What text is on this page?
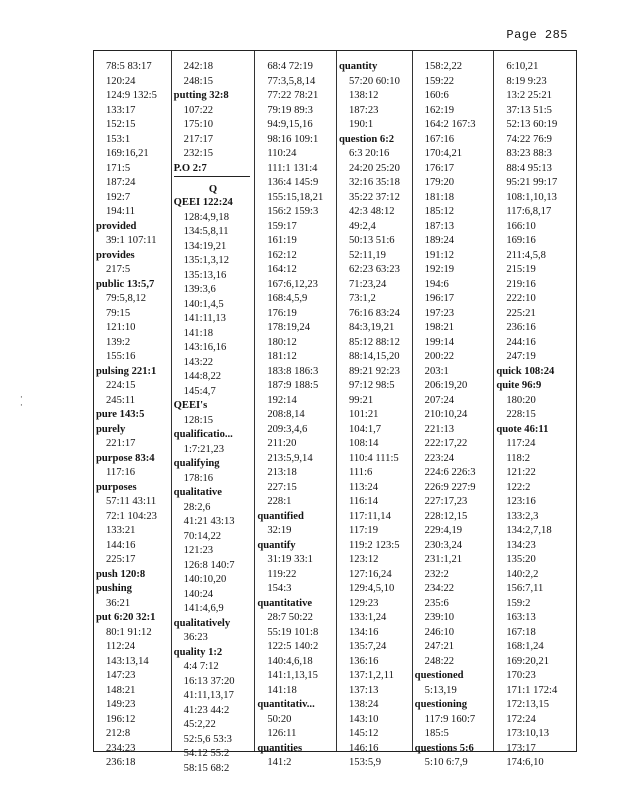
Page 285
·
·
78:5 83:17
120:24
124:9 132:5
133:17
152:15
153:1
169:16,21
171:5
187:24
192:7
194:11
provided
39:1 107:11
provides
217:5
public 13:5,7
79:5,8,12
79:15
121:10
139:2
155:16
pulsing 221:1
224:15
245:11
pure 143:5
purely
221:17
purpose 83:4
117:16
purposes
57:11 43:11
72:1 104:23
133:21
144:16
225:17
push 120:8
pushing
36:21
put 6:20 32:1
80:1 91:12
112:24
143:13,14
147:23
148:21
149:23
196:12
212:8
234:23
236:18
242:18
248:15
putting 32:8
107:22
175:10
217:17
232:15
P.O 2:7
Q
QEEI 122:24
128:4,9,18
134:5,8,11
134:19,21
135:1,3,12
135:13,16
139:3,6
140:1,4,5
141:11,13
141:18
143:16,16
143:22
144:8,22
145:4,7
QEEI's
128:15
qualificatio...
1:7:21,23
qualifying
178:16
qualitative
28:2,6
41:21 43:13
70:14,22
121:23
126:8 140:7
140:10,20
140:24
141:4,6,9
qualitatively
36:23
quality 1:2
4:4 7:12
16:13 37:20
41:11,13,17
41:23 44:2
45:2,22
52:5,6 53:3
54:12 55:2
58:15 68:2
68:4 72:19
77:3,5,8,14
77:22 78:21
79:19 89:3
94:9,15,16
98:16 109:1
110:24
111:1 131:4
136:4 145:9
155:15,18,21
156:2 159:3
159:17
161:19
162:12
164:12
167:6,12,23
168:4,5,9
176:19
178:19,24
180:12
181:12
183:8 186:3
187:9 188:5
192:14
208:8,14
209:3,4,6
211:20
213:5,9,14
213:18
227:15
228:1
quantified
32:19
quantify
31:19 33:1
119:22
154:3
quantitative
28:7 50:22
55:19 101:8
122:5 140:2
140:4,6,18
141:1,13,15
141:18
quantitativ...
50:20
126:11
quantities
141:2
quantity
57:20 60:10
138:12
187:23
190:1
question 6:2
6:3 20:16
24:20 25:20
32:16 35:18
35:22 37:12
42:3 48:12
49:2,4
50:13 51:6
52:11,19
62:23 63:23
71:23,24
73:1,2
76:16 83:24
84:3,19,21
85:12 88:12
88:14,15,20
89:21 92:23
97:12 98:5
99:21
101:21
104:1,7
108:14
110:4 111:5
111:6
113:24
116:14
117:11,14
117:19
119:2 123:5
123:12
127:16,24
129:4,5,10
129:23
133:1,24
134:16
135:7,24
136:16
137:1,2,11
137:13
138:24
143:10
145:12
146:16
153:5,9
158:2,22
159:22
160:6
162:19
164:2 167:3
167:16
170:4,21
176:17
179:20
181:18
185:12
187:13
189:24
191:12
192:19
194:6
196:17
197:23
198:21
199:14
200:22
203:1
206:19,20
207:24
210:10,24
221:13
222:17,22
223:24
224:6 226:3
226:9 227:9
227:17,23
228:12,15
229:4,19
230:3,24
231:1,21
232:2
234:22
235:6
239:10
246:10
247:21
248:22
questioned
5:13,19
questioning
117:9 160:7
185:5
questions 5:6
5:10 6:7,9
6:10,21
8:19 9:23
13:2 25:21
37:13 51:5
52:13 60:19
74:22 76:9
83:23 88:3
88:4 95:13
95:21 99:17
108:1,10,13
117:6,8,17
166:10
169:16
211:4,5,8
215:19
219:16
222:10
225:21
236:16
244:16
247:19
quick 108:24
quite 96:9
180:20
228:15
quote 46:11
117:24
118:2
121:22
122:2
123:16
133:2,3
134:2,7,18
134:23
135:20
140:2,2
156:7,11
159:2
163:13
167:18
168:1,24
169:20,21
170:23
171:1 172:4
172:13,15
172:24
173:10,13
173:17
174:6,10
